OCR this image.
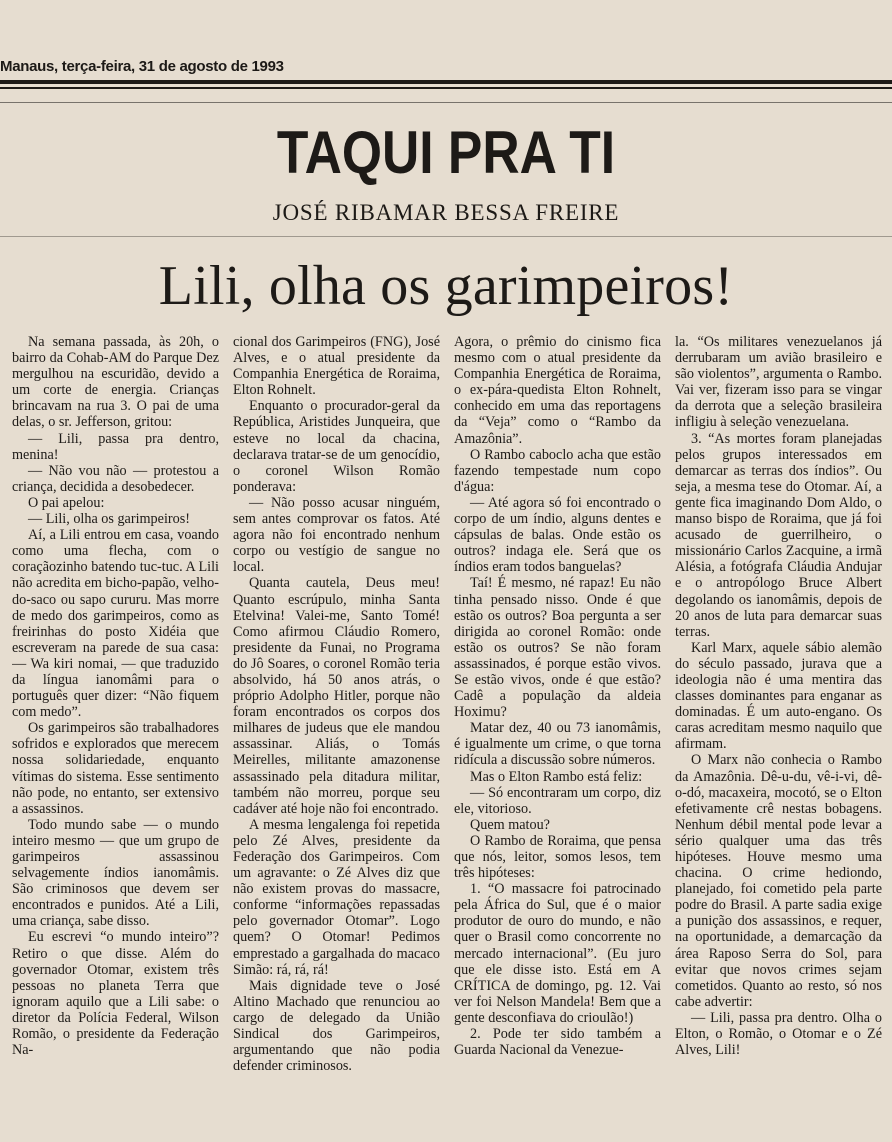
Manaus, terça-feira, 31 de agosto de 1993
TAQUI PRA TI
JOSÉ RIBAMAR BESSA FREIRE
Lili, olha os garimpeiros!

Na semana passada, às 20h, o bairro da Cohab-AM do Parque Dez mergulhou na escuridão, devido a um corte de energia. Crianças brincavam na rua 3. O pai de uma delas, o sr. Jefferson, gritou:

— Lili, passa pra dentro, menina!

— Não vou não — protestou a criança, decidida a desobedecer.

O pai apelou:

— Lili, olha os garimpeiros!

Aí, a Lili entrou em casa, voando como uma flecha, com o coraçãozinho batendo tuc-tuc. A Lili não acredita em bicho-papão, velho-do-saco ou sapo cururu. Mas morre de medo dos garimpeiros, como as freirinhas do posto Xidéia que escreveram na parede de sua casa: — Wa kiri nomai, — que traduzido da língua ianomâmi para o português quer dizer: “Não fiquem com medo”.

Os garimpeiros são trabalhadores sofridos e explorados que merecem nossa solidariedade, enquanto vítimas do sistema. Esse sentimento não pode, no entanto, ser extensivo a assassinos.

Todo mundo sabe — o mundo inteiro mesmo — que um grupo de garimpeiros assassinou selvagemente índios ianomâmis. São criminosos que devem ser encontrados e punidos. Até a Lili, uma criança, sabe disso.

Eu escrevi “o mundo inteiro”? Retiro o que disse. Além do governador Otomar, existem três pessoas no planeta Terra que ignoram aquilo que a Lili sabe: o diretor da Polícia Federal, Wilson Romão, o presidente da Federação Na-

cional dos Garimpeiros (FNG), José Alves, e o atual presidente da Companhia Energética de Roraima, Elton Rohnelt.

Enquanto o procurador-geral da República, Aristides Junqueira, que esteve no local da chacina, declarava tratar-se de um genocídio, o coronel Wilson Romão ponderava:

— Não posso acusar ninguém, sem antes comprovar os fatos. Até agora não foi encontrado nenhum corpo ou vestígio de sangue no local.

Quanta cautela, Deus meu! Quanto escrúpulo, minha Santa Etelvina! Valei-me, Santo Tomé! Como afirmou Cláudio Romero, presidente da Funai, no Programa do Jô Soares, o coronel Romão teria absolvido, há 50 anos atrás, o próprio Adolpho Hitler, porque não foram encontrados os corpos dos milhares de judeus que ele mandou assassinar. Aliás, o Tomás Meirelles, militante amazonense assassinado pela ditadura militar, também não morreu, porque seu cadáver até hoje não foi encontrado.

A mesma lengalenga foi repetida pelo Zé Alves, presidente da Federação dos Garimpeiros. Com um agravante: o Zé Alves diz que não existem provas do massacre, conforme “informações repassadas pelo governador Otomar”. Logo quem? O Otomar! Pedimos emprestado a gargalhada do macaco Simão: rá, rá, rá!

Mais dignidade teve o José Altino Machado que renunciou ao cargo de delegado da União Sindical dos Garimpeiros, argumentando que não podia defender criminosos.

Agora, o prêmio do cinismo fica mesmo com o atual presidente da Companhia Energética de Roraima, o ex-pára-quedista Elton Rohnelt, conhecido em uma das reportagens da “Veja” como o “Rambo da Amazônia”.

O Rambo caboclo acha que estão fazendo tempestade num copo d'água:

— Até agora só foi encontrado o corpo de um índio, alguns dentes e cápsulas de balas. Onde estão os outros? indaga ele. Será que os índios eram todos banguelas?

Taí! É mesmo, né rapaz! Eu não tinha pensado nisso. Onde é que estão os outros? Boa pergunta a ser dirigida ao coronel Romão: onde estão os outros? Se não foram assassinados, é porque estão vivos. Se estão vivos, onde é que estão? Cadê a população da aldeia Hoximu?

Matar dez, 40 ou 73 ianomâmis, é igualmente um crime, o que torna ridícula a discussão sobre números.

Mas o Elton Rambo está feliz:

— Só encontraram um corpo, diz ele, vitorioso.

Quem matou?

O Rambo de Roraima, que pensa que nós, leitor, somos lesos, tem três hipóteses:

1. “O massacre foi patrocinado pela África do Sul, que é o maior produtor de ouro do mundo, e não quer o Brasil como concorrente no mercado internacional”. (Eu juro que ele disse isto. Está em A CRÍTICA de domingo, pg. 12. Vai ver foi Nelson Mandela! Bem que a gente desconfiava do crioulão!)

2. Pode ter sido também a Guarda Nacional da Venezue-

la. “Os militares venezuelanos já derrubaram um avião brasileiro e são violentos”, argumenta o Rambo. Vai ver, fizeram isso para se vingar da derrota que a seleção brasileira infligiu à seleção venezuelana.

3. “As mortes foram planejadas pelos grupos interessados em demarcar as terras dos índios”. Ou seja, a mesma tese do Otomar. Aí, a gente fica imaginando Dom Aldo, o manso bispo de Roraima, que já foi acusado de guerrilheiro, o missionário Carlos Zacquine, a irmã Alésia, a fotógrafa Cláudia Andujar e o antropólogo Bruce Albert degolando os ianomâmis, depois de 20 anos de luta para demarcar suas terras.

Karl Marx, aquele sábio alemão do século passado, jurava que a ideologia não é uma mentira das classes dominantes para enganar as dominadas. É um auto-engano. Os caras acreditam mesmo naquilo que afirmam.

O Marx não conhecia o Rambo da Amazônia. Dê-u-du, vê-i-vi, dê-o-dó, macaxeira, mocotó, se o Elton efetivamente crê nestas bobagens. Nenhum débil mental pode levar a sério qualquer uma das três hipóteses. Houve mesmo uma chacina. O crime hediondo, planejado, foi cometido pela parte podre do Brasil. A parte sadia exige a punição dos assassinos, e requer, na oportunidade, a demarcação da área Raposo Serra do Sol, para evitar que novos crimes sejam cometidos. Quanto ao resto, só nos cabe advertir:

— Lili, passa pra dentro. Olha o Elton, o Romão, o Otomar e o Zé Alves, Lili!
